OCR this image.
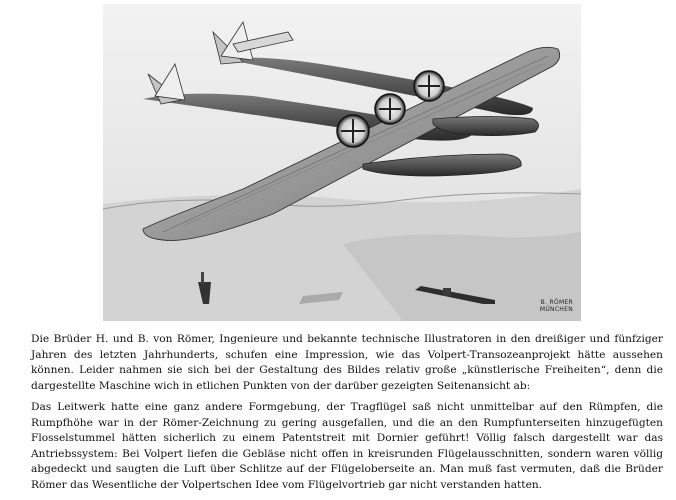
B. RÖMER
MÜNCHEN

Die Brüder H. und B. von Römer, Ingenieure und bekannte technische Illustratoren in den dreißiger und fünfziger Jahren des letzten Jahrhunderts, schufen eine Impression, wie das Volpert-Transozeanprojekt hätte aussehen können. Leider nahmen sie sich bei der Gestaltung des Bildes relativ große „künstlerische Freiheiten“, denn die dargestellte Maschine wich in etlichen Punkten von der darüber gezeigten Seitenansicht ab:

Das Leitwerk hatte eine ganz andere Formgebung, der Tragflügel saß nicht unmittelbar auf den Rümpfen, die Rumpfhöhe war in der Römer-Zeichnung zu gering ausgefallen, und die an den Rumpfunterseiten hinzugefügten Flosselstummel hätten sicherlich zu einem Patentstreit mit Dornier geführt! Völlig falsch dargestellt war das Antriebssystem: Bei Volpert liefen die Gebläse nicht offen in kreisrunden Flügelausschnitten, sondern waren völlig abgedeckt und saugten die Luft über Schlitze auf der Flügeloberseite an. Man muß fast vermuten, daß die Brüder Römer das Wesentliche der Volpertschen Idee vom Flügelvortrieb gar nicht verstanden hatten.
